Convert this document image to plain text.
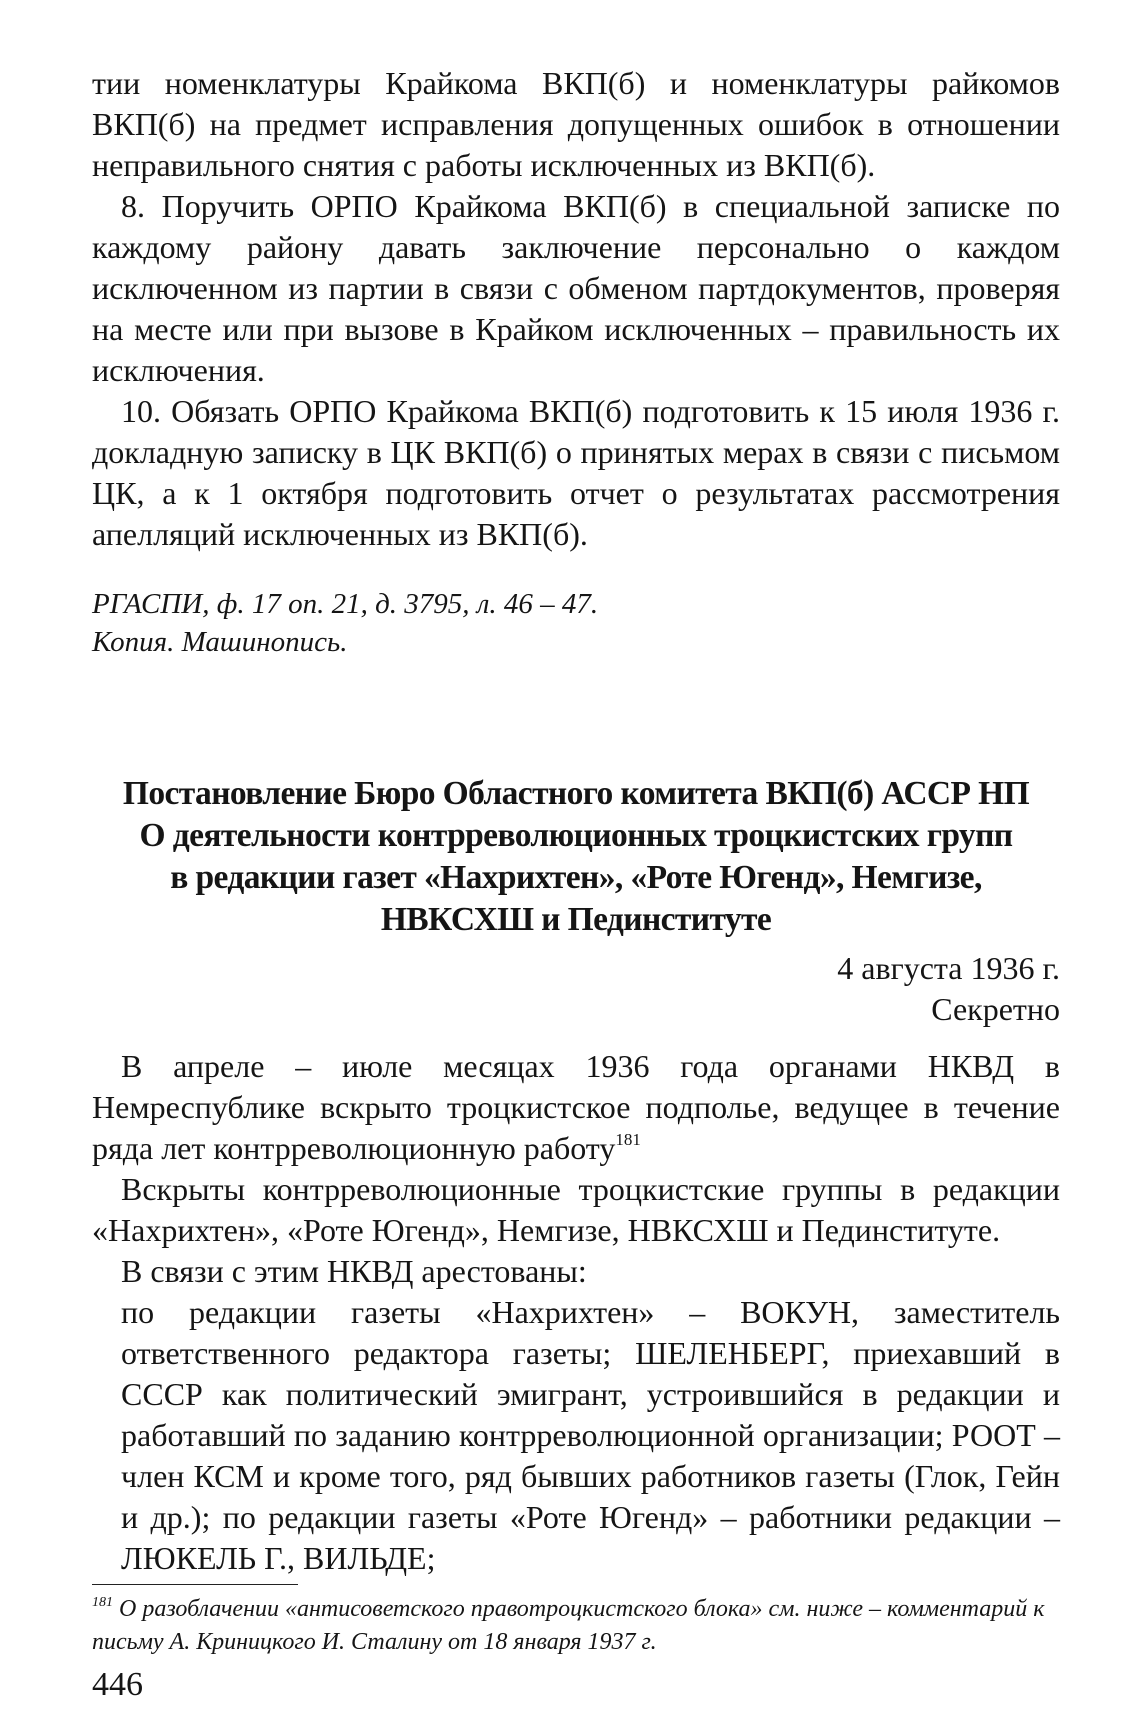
тии номенклатуры Крайкома ВКП(б) и номенклатуры райкомов ВКП(б) на предмет исправления допущенных ошибок в отношении неправильного снятия с работы исключенных из ВКП(б).

8. Поручить ОРПО Крайкома ВКП(б) в специальной записке по каждому району давать заключение персонально о каждом исключенном из партии в связи с обменом партдокументов, проверяя на месте или при вызове в Крайком исключенных – правильность их исключения.

10. Обязать ОРПО Крайкома ВКП(б) подготовить к 15 июля 1936 г. докладную записку в ЦК ВКП(б) о принятых мерах в связи с письмом ЦК, а к 1 октября подготовить отчет о результатах рассмотрения апелляций исключенных из ВКП(б).

РГАСПИ, ф. 17 оп. 21, д. 3795, л. 46 – 47.

Копия. Машинопись.

Постановление Бюро Областного комитета ВКП(б) АССР НП

О деятельности контрреволюционных троцкистских групп

в редакции газет «Нахрихтен», «Роте Югенд», Немгизе,

НВКСХШ и Пединституте

4 августа 1936 г.

Секретно

В апреле – июле месяцах 1936 года органами НКВД в Немреспублике вскрыто троцкистское подполье, ведущее в течение ряда лет контрреволюционную работу$^{181}$

Вскрыты контрреволюционные троцкистские группы в редакции «Нахрихтен», «Роте Югенд», Немгизе, НВКСХШ и Пединституте.

В связи с этим НКВД арестованы:

по редакции газеты «Нахрихтен» – ВОКУН, заместитель ответственного редактора газеты; ШЕЛЕНБЕРГ, приехавший в СССР как политический эмигрант, устроившийся в редакции и работавший по заданию контрреволюционной организации; РООТ – член КСМ и кроме того, ряд бывших работников газеты (Глок, Гейн и др.); по редакции газеты «Роте Югенд» – работники редакции – ЛЮКЕЛЬ Г., ВИЛЬДЕ;

$^{181}$ О разоблачении «антисоветского правотроцкистского блока» см. ниже – комментарий к письму А. Криницкого И. Сталину от 18 января 1937 г.
446
